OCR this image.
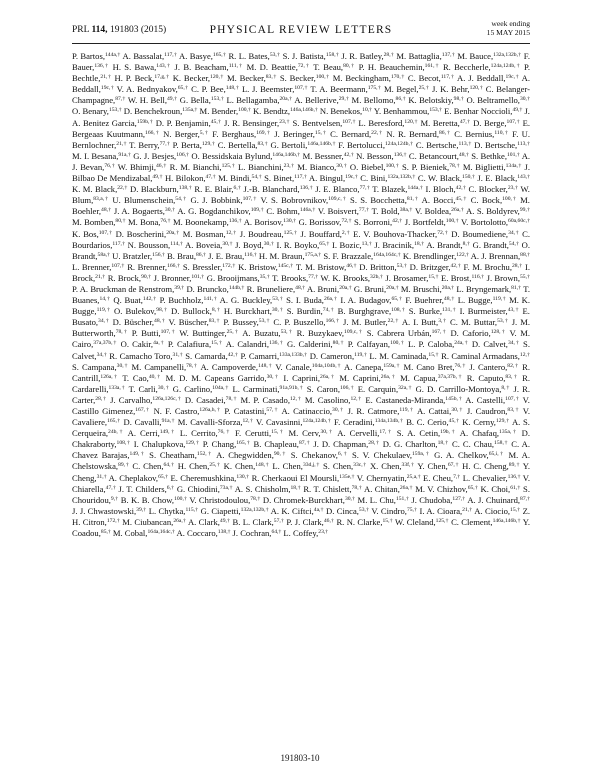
PRL 114, 191803 (2015)	PHYSICAL REVIEW LETTERS
week ending
15 MAY 2015
P. Bartos,$^{144a,\dagger}$ A. Bassalat,$^{117,\dagger}$ A. Basye,$^{165,\dagger}$ R. L. Bates,$^{53,\dagger}$ S. J. Batista,$^{158,\dagger}$ J. R. Batley,$^{28,\dagger}$ M. Battaglia,$^{137,\dagger}$ M. Bauce,$^{132a,132b,\dagger}$ F. Bauer,$^{136,\dagger}$ H. S. Bawa,$^{143,\dagger}$ J. B. Beacham,$^{111,\dagger}$ M. D. Beattie,$^{72,\dagger}$ T. Beau,$^{80,\dagger}$ P. H. Beauchemin,$^{161,\dagger}$ R. Beccherle,$^{124a,124b,\dagger}$ P. Bechtle,$^{21,\dagger}$ H. P. Beck,$^{17,g,\dagger}$ K. Becker,$^{120,\dagger}$ M. Becker,$^{83,\dagger}$ S. Becker,$^{100,\dagger}$ M. Beckingham,$^{170,\dagger}$ C. Becot,$^{117,\dagger}$ A. J. Beddall,$^{19c,\dagger}$ A. Beddall,$^{19c,\dagger}$ V. A. Bednyakov,$^{65,\dagger}$ C. P. Bee,$^{148,\dagger}$ L. J. Beemster,$^{107,\dagger}$ T. A. Beermann,$^{175,\dagger}$ M. Begel,$^{25,\dagger}$ J. K. Behr,$^{120,\dagger}$ C. Belanger-Champagne,$^{87,\dagger}$ W. H. Bell,$^{49,\dagger}$ G. Bella,$^{153,\dagger}$ L. Bellagamba,$^{20a,\dagger}$ A. Bellerive,$^{29,\dagger}$ M. Bellomo,$^{86,\dagger}$ K. Belotskiy,$^{98,\dagger}$ O. Beltramello,$^{30,\dagger}$ O. Benary,$^{153,\dagger}$ D. Benchekroun,$^{135a,\dagger}$ M. Bender,$^{100,\dagger}$ K. Bendtz,$^{146a,146b,\dagger}$ N. Benekos,$^{10,\dagger}$ Y. Benhammou,$^{153,\dagger}$ E. Benhar Noccioli,$^{49,\dagger}$ J. A. Benitez Garcia,$^{159b,\dagger}$ D. P. Benjamin,$^{45,\dagger}$ J. R. Bensinger,$^{23,\dagger}$ S. Bentvelsen,$^{107,\dagger}$ L. Beresford,$^{120,\dagger}$ M. Beretta,$^{47,\dagger}$ D. Berge,$^{107,\dagger}$ E. Bergeaas Kuutmann,$^{166,\dagger}$ N. Berger,$^{5,\dagger}$ F. Berghaus,$^{169,\dagger}$ J. Beringer,$^{15,\dagger}$ C. Bernard,$^{22,\dagger}$ N. R. Bernard,$^{86,\dagger}$ C. Bernius,$^{110,\dagger}$ F. U. Bernlochner,$^{21,\dagger}$ T. Berry,$^{77,\dagger}$ P. Berta,$^{129,\dagger}$ C. Bertella,$^{83,\dagger}$ G. Bertoli,$^{146a,146b,\dagger}$ F. Bertolucci,$^{124a,124b,\dagger}$ C. Bertsche,$^{113,\dagger}$ D. Bertsche,$^{113,\dagger}$ M. I. Besana,$^{91a,\dagger}$ G. J. Besjes,$^{106,\dagger}$ O. Bessidskaia Bylund,$^{146a,146b,\dagger}$ M. Bessner,$^{42,\dagger}$ N. Besson,$^{136,\dagger}$ C. Betancourt,$^{48,\dagger}$ S. Bethke,$^{101,\dagger}$ A. J. Bevan,$^{76,\dagger}$ W. Bhimji,$^{46,\dagger}$ R. M. Bianchi,$^{125,\dagger}$ L. Bianchini,$^{23,\dagger}$ M. Bianco,$^{30,\dagger}$ O. Biebel,$^{100,\dagger}$ S. P. Bieniek,$^{78,\dagger}$ M. Biglietti,$^{134a,\dagger}$ J. Bilbao De Mendizabal,$^{49,\dagger}$ H. Bilokon,$^{47,\dagger}$ M. Bindi,$^{54,\dagger}$ S. Binet,$^{117,\dagger}$ A. Bingul,$^{19c,\dagger}$ C. Bini,$^{132a,132b,\dagger}$ C. W. Black,$^{150,\dagger}$ J. E. Black,$^{143,\dagger}$ K. M. Black,$^{22,\dagger}$ D. Blackburn,$^{138,\dagger}$ R. E. Blair,$^{6,\dagger}$ J.-B. Blanchard,$^{136,\dagger}$ J. E. Blanco,$^{77,\dagger}$ T. Blazek,$^{144a,\dagger}$ I. Bloch,$^{42,\dagger}$ C. Blocker,$^{23,\dagger}$ W. Blum,$^{83,a,\dagger}$ U. Blumenschein,$^{54,\dagger}$ G. J. Bobbink,$^{107,\dagger}$ V. S. Bobrovnikov,$^{109,c,\dagger}$ S. S. Bocchetta,$^{81,\dagger}$ A. Bocci,$^{45,\dagger}$ C. Bock,$^{100,\dagger}$ M. Boehler,$^{48,\dagger}$ J. A. Bogaerts,$^{30,\dagger}$ A. G. Bogdanchikov,$^{109,\dagger}$ C. Bohm,$^{146a,\dagger}$ V. Boisvert,$^{77,\dagger}$ T. Bold,$^{38a,\dagger}$ V. Boldea,$^{26a,\dagger}$ A. S. Boldyrev,$^{99,\dagger}$ M. Bomben,$^{80,\dagger}$ M. Bona,$^{76,\dagger}$ M. Boonekamp,$^{136,\dagger}$ A. Borisov,$^{130,\dagger}$ G. Borissov,$^{72,\dagger}$ S. Borroni,$^{42,\dagger}$ J. Bortfeldt,$^{100,\dagger}$ V. Bortolotto,$^{60a,60c,\dagger}$ K. Bos,$^{107,\dagger}$ D. Boscherini,$^{20a,\dagger}$ M. Bosman,$^{12,\dagger}$ J. Boudreau,$^{125,\dagger}$ J. Bouffard,$^{2,\dagger}$ E. V. Bouhova-Thacker,$^{72,\dagger}$ D. Boumediene,$^{34,\dagger}$ C. Bourdarios,$^{117,\dagger}$ N. Bousson,$^{114,\dagger}$ A. Boveia,$^{30,\dagger}$ J. Boyd,$^{30,\dagger}$ I. R. Boyko,$^{65,\dagger}$ I. Bozic,$^{13,\dagger}$ J. Bracinik,$^{18,\dagger}$ A. Brandt,$^{8,\dagger}$ G. Brandt,$^{54,\dagger}$ O. Brandt,$^{58a,\dagger}$ U. Bratzler,$^{156,\dagger}$ B. Brau,$^{86,\dagger}$ J. E. Brau,$^{116,\dagger}$ H. M. Braun,$^{175,a,\dagger}$ S. F. Brazzale,$^{164a,164c,\dagger}$ K. Brendlinger,$^{122,\dagger}$ A. J. Brennan,$^{88,\dagger}$ L. Brenner,$^{107,\dagger}$ R. Brenner,$^{166,\dagger}$ S. Bressler,$^{172,\dagger}$ K. Bristow,$^{145c,\dagger}$ T. M. Bristow,$^{46,\dagger}$ D. Britton,$^{53,\dagger}$ D. Britzger,$^{42,\dagger}$ F. M. Brochu,$^{28,\dagger}$ I. Brock,$^{21,\dagger}$ R. Brock,$^{90,\dagger}$ J. Bronner,$^{101,\dagger}$ G. Brooijmans,$^{35,\dagger}$ T. Brooks,$^{77,\dagger}$ W. K. Brooks,$^{32b,\dagger}$ J. Brosamer,$^{15,\dagger}$ E. Brost,$^{116,\dagger}$ J. Brown,$^{55,\dagger}$ P. A. Bruckman de Renstrom,$^{39,\dagger}$ D. Bruncko,$^{144b,\dagger}$ R. Bruneliere,$^{48,\dagger}$ A. Bruni,$^{20a,\dagger}$ G. Bruni,$^{20a,\dagger}$ M. Bruschi,$^{20a,\dagger}$ L. Bryngemark,$^{81,\dagger}$ T. Buanes,$^{14,\dagger}$ Q. Buat,$^{142,\dagger}$ P. Buchholz,$^{141,\dagger}$ A. G. Buckley,$^{53,\dagger}$ S. I. Buda,$^{26a,\dagger}$ I. A. Budagov,$^{65,\dagger}$ F. Buehrer,$^{48,\dagger}$ L. Bugge,$^{119,\dagger}$ M. K. Bugge,$^{119,\dagger}$ O. Bulekov,$^{98,\dagger}$ D. Bullock,$^{8,\dagger}$ H. Burckhart,$^{30,\dagger}$ S. Burdin,$^{74,\dagger}$ B. Burghgrave,$^{108,\dagger}$ S. Burke,$^{131,\dagger}$ I. Burmeister,$^{43,\dagger}$ E. Busato,$^{34,\dagger}$ D. Büscher,$^{48,\dagger}$ V. Büscher,$^{83,\dagger}$ P. Bussey,$^{53,\dagger}$ C. P. Buszello,$^{166,\dagger}$ J. M. Butler,$^{22,\dagger}$ A. I. Butt,$^{3,\dagger}$ C. M. Buttar,$^{53,\dagger}$ J. M. Butterworth,$^{78,\dagger}$ P. Butti,$^{107,\dagger}$ W. Buttinger,$^{25,\dagger}$ A. Buzatu,$^{53,\dagger}$ R. Buzykaev,$^{109,c,\dagger}$ S. Cabrera Urbán,$^{167,\dagger}$ D. Caforio,$^{128,\dagger}$ V. M. Cairo,$^{37a,37b,\dagger}$ O. Cakir,$^{4a,\dagger}$ P. Calafiura,$^{15,\dagger}$ A. Calandri,$^{136,\dagger}$ G. Calderini,$^{80,\dagger}$ P. Calfayan,$^{100,\dagger}$ L. P. Caloba,$^{24a,\dagger}$ D. Calvet,$^{34,\dagger}$ S. Calvet,$^{34,\dagger}$ R. Camacho Toro,$^{31,\dagger}$ S. Camarda,$^{42,\dagger}$ P. Camarri,$^{133a,133b,\dagger}$ D. Cameron,$^{119,\dagger}$ L. M. Caminada,$^{15,\dagger}$ R. Caminal Armadans,$^{12,\dagger}$ S. Campana,$^{30,\dagger}$ M. Campanelli,$^{78,\dagger}$ A. Campoverde,$^{148,\dagger}$ V. Canale,$^{104a,104b,\dagger}$ A. Canepa,$^{159a,\dagger}$ M. Cano Bret,$^{76,\dagger}$ J. Cantero,$^{82,\dagger}$ R. Cantrill,$^{126a,\dagger}$ T. Cao,$^{40,\dagger}$ M. D. M. Capeans Garrido,$^{30,\dagger}$ I. Caprini,$^{26a,\dagger}$ M. Caprini,$^{26a,\dagger}$ M. Capua,$^{37a,37b,\dagger}$ R. Caputo,$^{83,\dagger}$ R. Cardarelli,$^{133a,\dagger}$ T. Carli,$^{30,\dagger}$ G. Carlino,$^{104a,\dagger}$ L. Carminati,$^{91a,91b,\dagger}$ S. Caron,$^{106,\dagger}$ E. Carquin,$^{32a,\dagger}$ G. D. Carrillo-Montoya,$^{8,\dagger}$ J. R. Carter,$^{28,\dagger}$ J. Carvalho,$^{126a,126c,\dagger}$ D. Casadei,$^{78,\dagger}$ M. P. Casado,$^{12,\dagger}$ M. Casolino,$^{12,\dagger}$ E. Castaneda-Miranda,$^{145b,\dagger}$ A. Castelli,$^{107,\dagger}$ V. Castillo Gimenez,$^{167,\dagger}$ N. F. Castro,$^{126a,h,\dagger}$ P. Catastini,$^{57,\dagger}$ A. Catinaccio,$^{30,\dagger}$ J. R. Catmore,$^{119,\dagger}$ A. Cattai,$^{30,\dagger}$ J. Caudron,$^{83,\dagger}$ V. Cavaliere,$^{165,\dagger}$ D. Cavalli,$^{91a,\dagger}$ M. Cavalli-Sforza,$^{12,\dagger}$ V. Cavasinni,$^{124a,124b,\dagger}$ F. Ceradini,$^{134a,134b,\dagger}$ B. C. Cerio,$^{45,\dagger}$ K. Cerny,$^{129,\dagger}$ A. S. Cerqueira,$^{24b,\dagger}$ A. Cerri,$^{149,\dagger}$ L. Cerrito,$^{76,\dagger}$ F. Cerutti,$^{15,\dagger}$ M. Cerv,$^{30,\dagger}$ A. Cervelli,$^{17,\dagger}$ S. A. Cetin,$^{19b,\dagger}$ A. Chafaq,$^{135a,\dagger}$ D. Chakraborty,$^{108,\dagger}$ I. Chalupkova,$^{129,\dagger}$ P. Chang,$^{165,\dagger}$ B. Chapleau,$^{87,\dagger}$ J. D. Chapman,$^{28,\dagger}$ D. G. Charlton,$^{18,\dagger}$ C. C. Chau,$^{158,\dagger}$ C. A. Chavez Barajas,$^{149,\dagger}$ S. Cheatham,$^{152,\dagger}$ A. Chegwidden,$^{90,\dagger}$ S. Chekanov,$^{6,\dagger}$ S. V. Chekulaev,$^{159a,\dagger}$ G. A. Chelkov,$^{65,i,\dagger}$ M. A. Chelstowska,$^{89,\dagger}$ C. Chen,$^{64,\dagger}$ H. Chen,$^{25,\dagger}$ K. Chen,$^{148,\dagger}$ L. Chen,$^{33d,j,\dagger}$ S. Chen,$^{33c,\dagger}$ X. Chen,$^{33f,\dagger}$ Y. Chen,$^{67,\dagger}$ H. C. Cheng,$^{89,\dagger}$ Y. Cheng,$^{31,\dagger}$ A. Cheplakov,$^{65,\dagger}$ E. Cheremushkina,$^{130,\dagger}$ R. Cherkaoui El Moursli,$^{135e,\dagger}$ V. Chernyatin,$^{25,a,\dagger}$ E. Cheu,$^{7,\dagger}$ L. Chevalier,$^{136,\dagger}$ V. Chiarella,$^{47,\dagger}$ J. T. Childers,$^{6,\dagger}$ G. Chiodini,$^{73a,\dagger}$ A. S. Chisholm,$^{18,\dagger}$ R. T. Chislett,$^{78,\dagger}$ A. Chitan,$^{26a,\dagger}$ M. V. Chizhov,$^{65,\dagger}$ K. Choi,$^{61,\dagger}$ S. Chouridou,$^{9,\dagger}$ B. K. B. Chow,$^{100,\dagger}$ V. Christodoulou,$^{78,\dagger}$ D. Chromek-Burckhart,$^{30,\dagger}$ M. L. Chu,$^{151,\dagger}$ J. Chudoba,$^{127,\dagger}$ A. J. Chuinard,$^{87,\dagger}$ J. J. Chwastowski,$^{39,\dagger}$ L. Chytka,$^{115,\dagger}$ G. Ciapetti,$^{132a,132b,\dagger}$ A. K. Ciftci,$^{4a,\dagger}$ D. Cinca,$^{53,\dagger}$ V. Cindro,$^{75,\dagger}$ I. A. Cioara,$^{21,\dagger}$ A. Ciocio,$^{15,\dagger}$ Z. H. Citron,$^{172,\dagger}$ M. Ciubancan,$^{26a,\dagger}$ A. Clark,$^{49,\dagger}$ B. L. Clark,$^{57,\dagger}$ P. J. Clark,$^{46,\dagger}$ R. N. Clarke,$^{15,\dagger}$ W. Cleland,$^{125,\dagger}$ C. Clement,$^{146a,146b,\dagger}$ Y. Coadou,$^{85,\dagger}$ M. Cobal,$^{164a,164c,\dagger}$ A. Coccaro,$^{138,\dagger}$ J. Cochran,$^{64,\dagger}$ L. Coffey,$^{23,\dagger}$
191803-10
